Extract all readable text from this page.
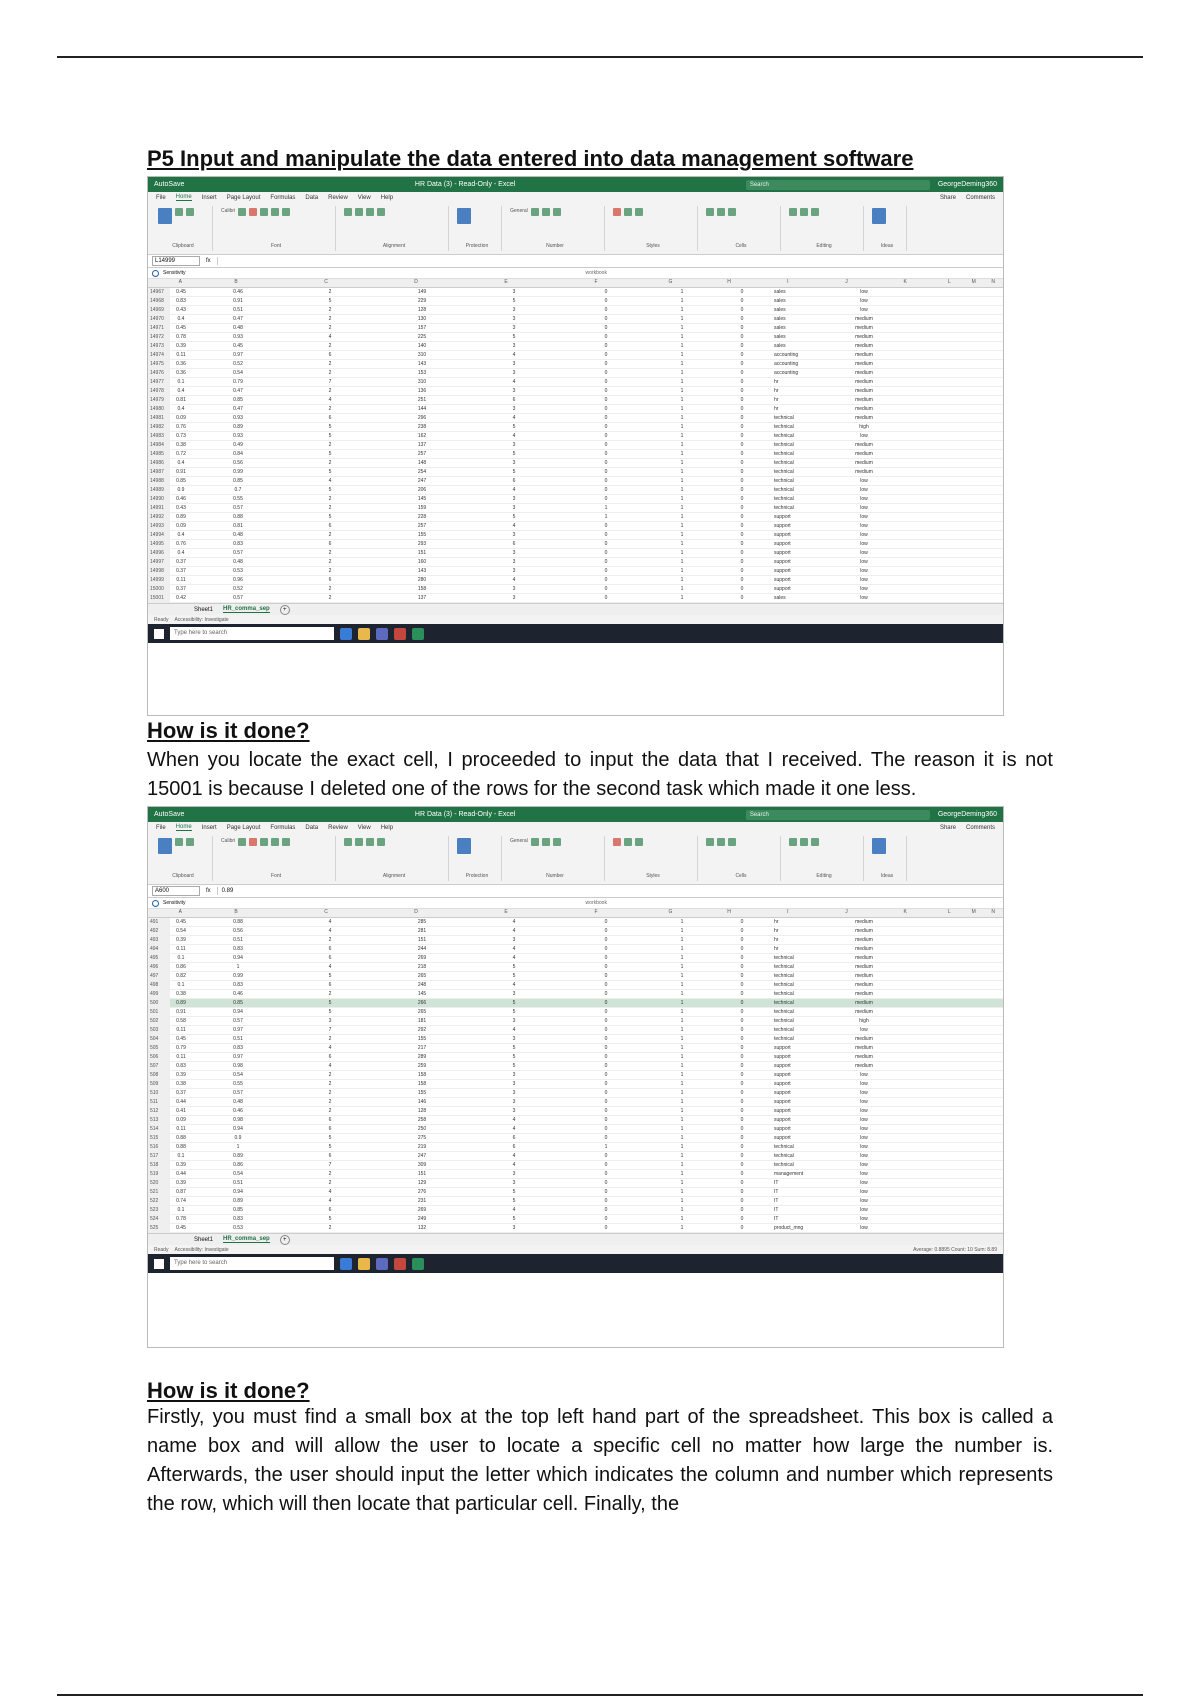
P5 Input and manipulate the data entered into data management software
AutoSave	HR Data (3) - Read-Only - Excel	Search	GeorgeDeming360
File Home Insert Page Layout Formulas Data Review View Help	Share Comments
Clipboard
Calibri
Font	Alignment	Protection
General
Number	Styles	Cells	Editing	Ideas
L14999	fx
Sensitivity	workbook
A	B	C	D	E	F	G	H	I	J	K	L	M	N
14967	0.45	0.46	2	149	3	0	1	0	sales	low
14968	0.83	0.91	5	229	5	0	1	0	sales	low
14969	0.43	0.51	2	128	3	0	1	0	sales	low
14970	0.4	0.47	2	130	3	0	1	0	sales	medium
14971	0.45	0.48	2	157	3	0	1	0	sales	medium
14972	0.78	0.93	4	225	5	0	1	0	sales	medium
14973	0.39	0.45	2	140	3	0	1	0	sales	medium
14974	0.11	0.97	6	310	4	0	1	0	accounting	medium
14975	0.36	0.52	2	143	3	0	1	0	accounting	medium
14976	0.36	0.54	2	153	3	0	1	0	accounting	medium
14977	0.1	0.79	7	310	4	0	1	0	hr	medium
14978	0.4	0.47	2	136	3	0	1	0	hr	medium
14979	0.81	0.85	4	251	6	0	1	0	hr	medium
14980	0.4	0.47	2	144	3	0	1	0	hr	medium
14981	0.09	0.93	6	296	4	0	1	0	technical	medium
14982	0.76	0.89	5	238	5	0	1	0	technical	high
14983	0.73	0.93	5	162	4	0	1	0	technical	low
14984	0.38	0.49	2	137	3	0	1	0	technical	medium
14985	0.72	0.84	5	257	5	0	1	0	technical	medium
14986	0.4	0.56	2	148	3	0	1	0	technical	medium
14987	0.91	0.99	5	254	5	0	1	0	technical	medium
14988	0.85	0.85	4	247	6	0	1	0	technical	low
14989	0.9	0.7	5	206	4	0	1	0	technical	low
14990	0.46	0.55	2	145	3	0	1	0	technical	low
14991	0.43	0.57	2	159	3	1	1	0	technical	low
14992	0.89	0.88	5	228	5	1	1	0	support	low
14993	0.09	0.81	6	257	4	0	1	0	support	low
14994	0.4	0.48	2	155	3	0	1	0	support	low
14995	0.76	0.83	6	293	6	0	1	0	support	low
14996	0.4	0.57	2	151	3	0	1	0	support	low
14997	0.37	0.48	2	160	3	0	1	0	support	low
14998	0.37	0.53	2	143	3	0	1	0	support	low
14999	0.11	0.96	6	280	4	0	1	0	support	low
15000	0.37	0.52	2	158	3	0	1	0	support	low
15001	0.42	0.57	2	137	3	0	1	0	sales	low
Sheet1 HR_comma_sep	+
Ready Accessibility: Investigate
Type here to search
How is it done?

When you locate the exact cell, I proceeded to input the data that I received. The reason it is not 15001 is because I deleted one of the rows for the second task which made it one less.

AutoSave	HR Data (3) - Read-Only - Excel	Search	GeorgeDeming360
File Home Insert Page Layout Formulas Data Review View Help	Share Comments
Clipboard
Calibri
Font	Alignment	Protection
General
Number	Styles	Cells	Editing	Ideas
A600	fx	0.89
Sensitivity	workbook
A	B	C	D	E	F	G	H	I	J	K	L	M	N
491	0.45	0.88	4	285	4	0	1	0	hr	medium
492	0.54	0.56	4	281	4	0	1	0	hr	medium
493	0.39	0.51	2	151	3	0	1	0	hr	medium
494	0.11	0.83	6	244	4	0	1	0	hr	medium
495	0.1	0.94	6	269	4	0	1	0	technical	medium
496	0.86	1	4	218	5	0	1	0	technical	medium
497	0.82	0.99	5	265	5	0	1	0	technical	medium
498	0.1	0.83	6	248	4	0	1	0	technical	medium
499	0.38	0.46	2	145	3	0	1	0	technical	medium
500	0.89	0.85	5	266	5	0	1	0	technical	medium
501	0.91	0.94	5	265	5	0	1	0	technical	medium
502	0.58	0.57	3	181	3	0	1	0	technical	high
503	0.11	0.97	7	292	4	0	1	0	technical	low
504	0.45	0.51	2	155	3	0	1	0	technical	medium
505	0.79	0.83	4	217	5	0	1	0	support	medium
506	0.11	0.97	6	289	5	0	1	0	support	medium
507	0.83	0.98	4	259	5	0	1	0	support	medium
508	0.39	0.54	2	158	3	0	1	0	support	low
509	0.38	0.55	2	158	3	0	1	0	support	low
510	0.37	0.57	2	155	3	0	1	0	support	low
511	0.44	0.48	2	146	3	0	1	0	support	low
512	0.41	0.46	2	128	3	0	1	0	support	low
513	0.09	0.98	6	258	4	0	1	0	support	low
514	0.11	0.94	6	250	4	0	1	0	support	low
515	0.88	0.9	5	275	6	0	1	0	support	low
516	0.88	1	5	219	6	1	1	0	technical	low
517	0.1	0.89	6	247	4	0	1	0	technical	low
518	0.39	0.86	7	309	4	0	1	0	technical	low
519	0.44	0.54	2	151	3	0	1	0	management	low
520	0.39	0.51	2	129	3	0	1	0	IT	low
521	0.87	0.94	4	276	5	0	1	0	IT	low
522	0.74	0.89	4	231	5	0	1	0	IT	low
523	0.1	0.85	6	269	4	0	1	0	IT	low
524	0.78	0.83	5	249	5	0	1	0	IT	low
525	0.45	0.53	2	132	3	0	1	0	product_mng	low
Sheet1 HR_comma_sep	+
Ready Accessibility: Investigate	Average: 0.8895 Count: 10 Sum: 8.89
Type here to search
How is it done?

Firstly, you must find a small box at the top left hand part of the spreadsheet. This box is called a name box and will allow the user to locate a specific cell no matter how large the number is. Afterwards, the user should input the letter which indicates the column and number which represents the row, which will then locate that particular cell. Finally, the
